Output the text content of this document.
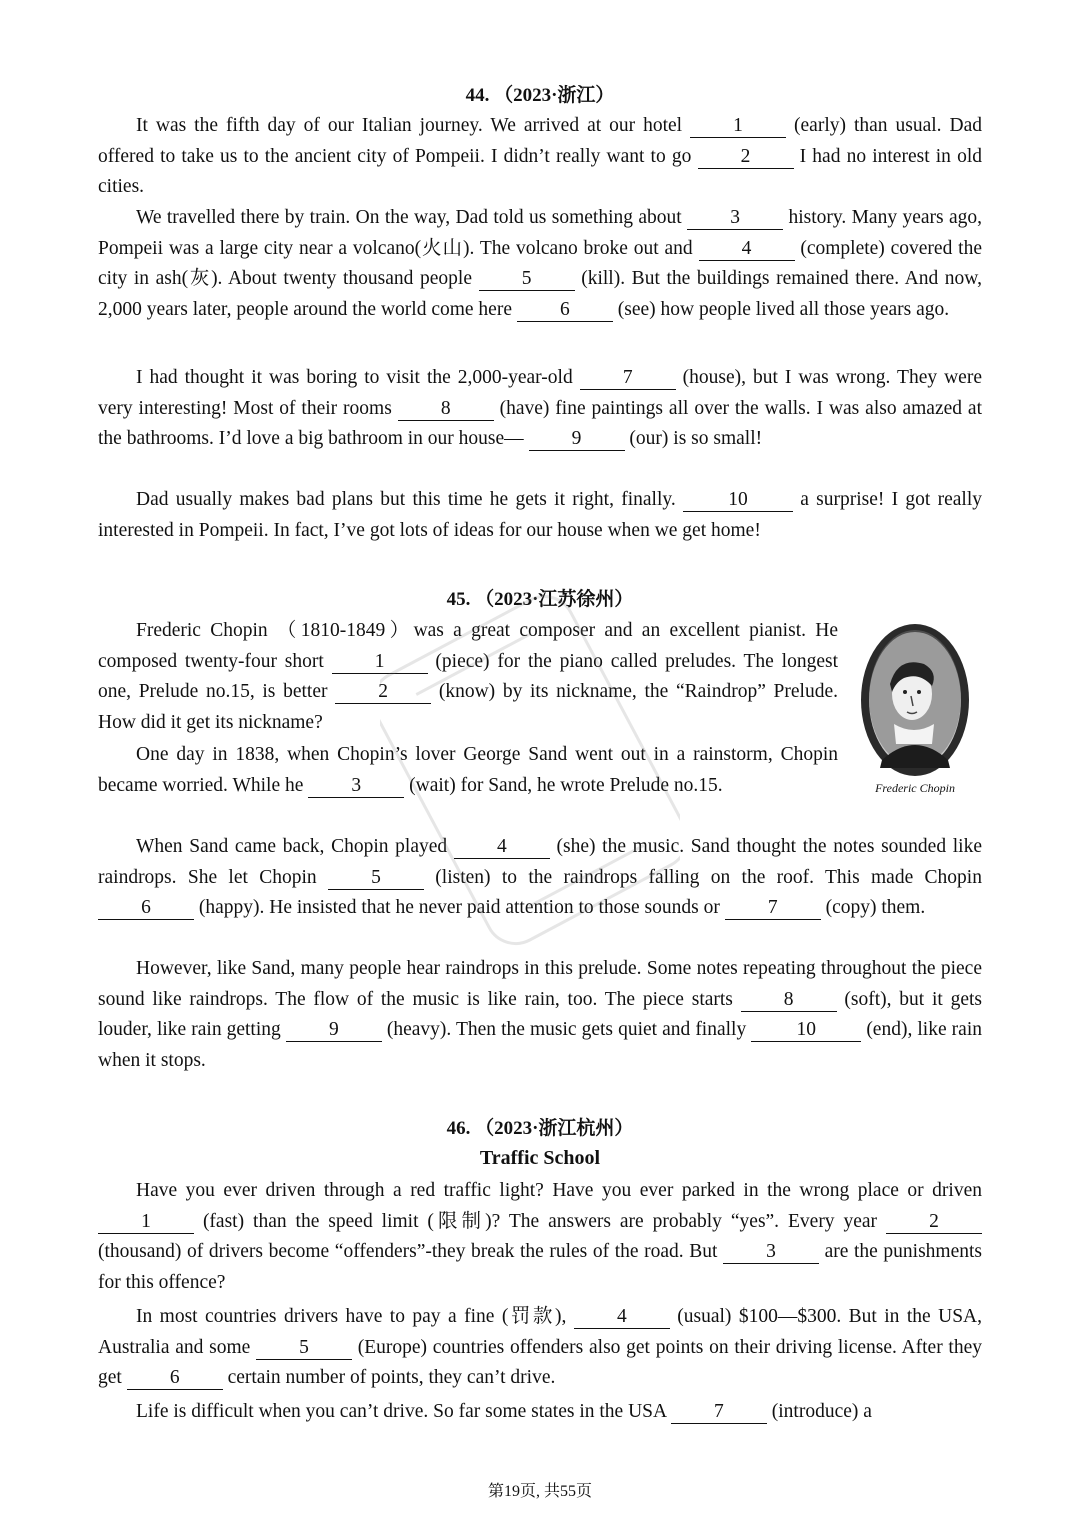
44. （2023·浙江）
It was the fifth day of our Italian journey. We arrived at our hotel 1 (early) than usual. Dad offered to take us to the ancient city of Pompeii. I didn’t really want to go 2 I had no interest in old cities.
We travelled there by train. On the way, Dad told us something about 3 history. Many years ago, Pompeii was a large city near a volcano(火山). The volcano broke out and 4 (complete) covered the city in ash(灰). About twenty thousand people 5 (kill). But the buildings remained there. And now, 2,000 years later, people around the world come here 6 (see) how people lived all those years ago.
I had thought it was boring to visit the 2,000-year-old 7 (house), but I was wrong. They were very interesting! Most of their rooms 8 (have) fine paintings all over the walls. I was also amazed at the bathrooms. I’d love a big bathroom in our house— 9 (our) is so small!
Dad usually makes bad plans but this time he gets it right, finally. 10 a surprise! I got really interested in Pompeii. In fact, I’ve got lots of ideas for our house when we get home!
45. （2023·江苏徐州）
Frederic Chopin （1810-1849）was a great composer and an excellent pianist. He composed twenty-four short 1 (piece) for the piano called preludes. The longest one, Prelude no.15, is better 2 (know) by its nickname, the “Raindrop” Prelude. How did it get its nickname?
One day in 1838, when Chopin’s lover George Sand went out in a rainstorm, Chopin became worried. While he 3 (wait) for Sand, he wrote Prelude no.15.
When Sand came back, Chopin played 4 (she) the music. Sand thought the notes sounded like raindrops. She let Chopin 5 (listen) to the raindrops falling on the roof. This made Chopin 6 (happy). He insisted that he never paid attention to those sounds or 7 (copy) them.
However, like Sand, many people hear raindrops in this prelude. Some notes repeating throughout the piece sound like raindrops. The flow of the music is like rain, too. The piece starts 8 (soft), but it gets louder, like rain getting 9 (heavy). Then the music gets quiet and finally 10 (end), like rain when it stops.
46. （2023·浙江杭州）
Traffic School
Have you ever driven through a red traffic light? Have you ever parked in the wrong place or driven 1 (fast) than the speed limit (限制)? The answers are probably “yes”. Every year 2 (thousand) of drivers become “offenders”-they break the rules of the road. But 3 are the punishments for this offence?
In most countries drivers have to pay a fine (罚款), 4 (usual) $100—$300. But in the USA, Australia and some 5 (Europe) countries offenders also get points on their driving license. After they get 6 certain number of points, they can’t drive.
Life is difficult when you can’t drive. So far some states in the USA 7 (introduce) a
Frederic Chopin
第19页, 共55页
